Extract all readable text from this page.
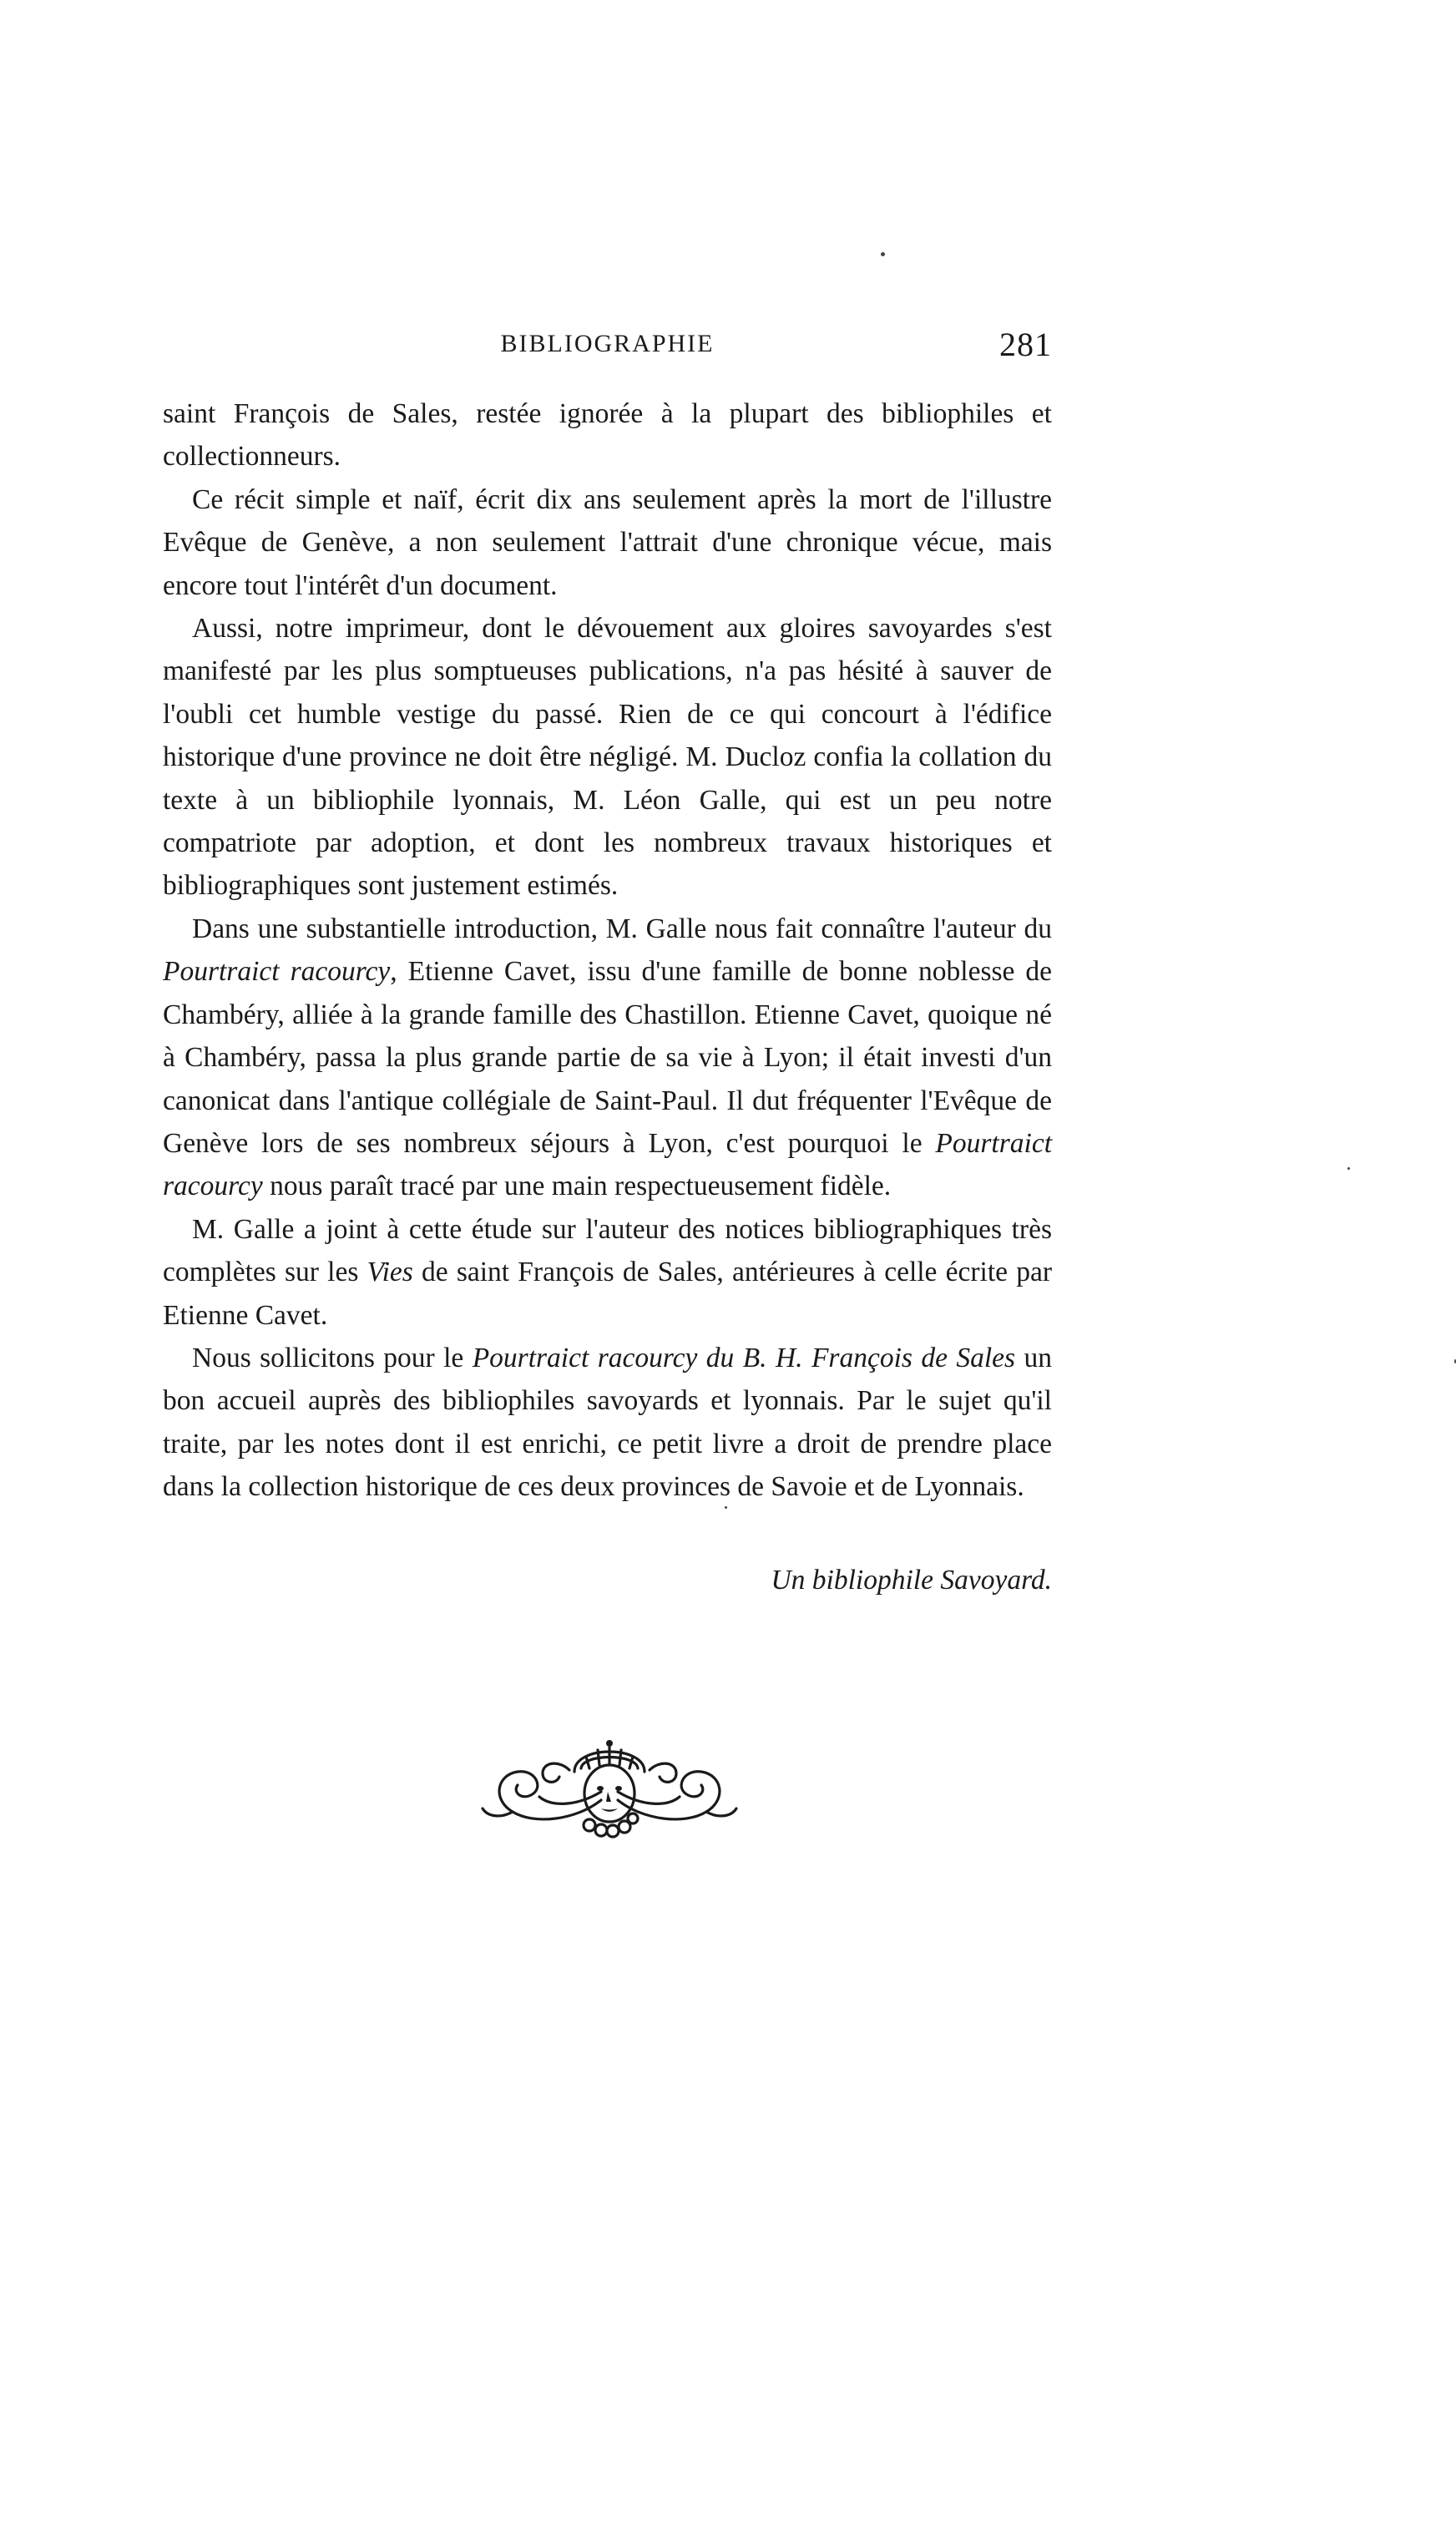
BIBLIOGRAPHIE	281

saint François de Sales, restée ignorée à la plupart des bibliophiles et collectionneurs.

Ce récit simple et naïf, écrit dix ans seulement après la mort de l'illustre Evêque de Genève, a non seulement l'attrait d'une chronique vécue, mais encore tout l'intérêt d'un document.

Aussi, notre imprimeur, dont le dévouement aux gloires savoyardes s'est manifesté par les plus somptueuses publications, n'a pas hésité à sauver de l'oubli cet humble vestige du passé. Rien de ce qui concourt à l'édifice historique d'une province ne doit être négligé. M. Ducloz confia la collation du texte à un bibliophile lyonnais, M. Léon Galle, qui est un peu notre compatriote par adoption, et dont les nombreux travaux historiques et bibliographiques sont justement estimés.

Dans une substantielle introduction, M. Galle nous fait connaître l'auteur du Pourtraict racourcy, Etienne Cavet, issu d'une famille de bonne noblesse de Chambéry, alliée à la grande famille des Chastillon. Etienne Cavet, quoique né à Chambéry, passa la plus grande partie de sa vie à Lyon; il était investi d'un canonicat dans l'antique collégiale de Saint-Paul. Il dut fréquenter l'Evêque de Genève lors de ses nombreux séjours à Lyon, c'est pourquoi le Pourtraict racourcy nous paraît tracé par une main respectueusement fidèle.

M. Galle a joint à cette étude sur l'auteur des notices bibliographiques très complètes sur les Vies de saint François de Sales, antérieures à celle écrite par Etienne Cavet.

Nous sollicitons pour le Pourtraict racourcy du B. H. François de Sales un bon accueil auprès des bibliophiles savoyards et lyonnais. Par le sujet qu'il traite, par les notes dont il est enrichi, ce petit livre a droit de prendre place dans la collection historique de ces deux provinces de Savoie et de Lyonnais.

Un bibliophile Savoyard.
